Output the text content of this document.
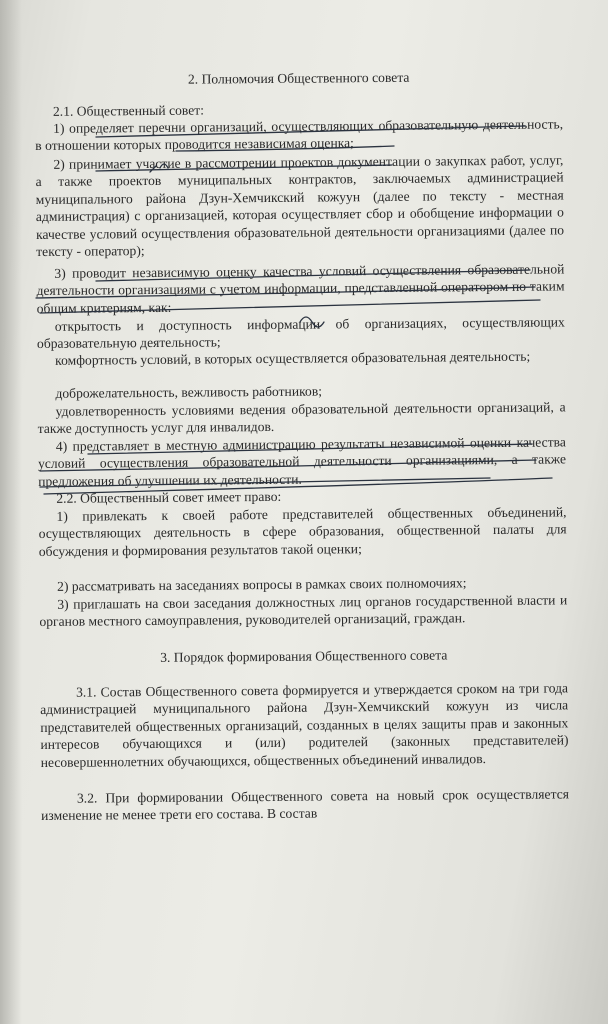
2. Полномочия Общественного совета

2.1. Общественный совет:

1) определяет перечни организаций, осуществляющих образовательную деятельность, в отношении которых проводится независимая оценка;

2) принимает участие в рассмотрении проектов документации о закупках работ, услуг, а также проектов муниципальных контрактов, заключаемых администрацией муниципального района Дзун-Хемчикский кожуун (далее по тексту - местная администрация) с организацией, которая осуществляет сбор и обобщение информации о качестве условий осуществления образовательной деятельности организациями (далее по тексту - оператор);

3) проводит независимую оценку качества условий осуществления образовательной деятельности организациями с учетом информации, представленной оператором по таким общим критериям, как:

открытость и доступность информации об организациях, осуществляющих образовательную деятельность;

комфортность условий, в которых осуществляется образовательная деятельность;

доброжелательность, вежливость работников;

удовлетворенность условиями ведения образовательной деятельности организаций, а также доступность услуг для инвалидов.

4) представляет в местную администрацию результаты независимой оценки качества условий осуществления образовательной деятельности организациями, а также предложения об улучшении их деятельности.

2.2. Общественный совет имеет право:

1) привлекать к своей работе представителей общественных объединений, осуществляющих деятельность в сфере образования, общественной палаты для обсуждения и формирования результатов такой оценки;

2) рассматривать на заседаниях вопросы в рамках своих полномочиях;

3) приглашать на свои заседания должностных лиц органов государственной власти и органов местного самоуправления, руководителей организаций, граждан.

3. Порядок формирования Общественного совета

3.1. Состав Общественного совета формируется и утверждается сроком на три года администрацией муниципального района Дзун-Хемчикский кожуун из числа представителей общественных организаций, созданных в целях защиты прав и законных интересов обучающихся и (или) родителей (законных представителей) несовершеннолетних обучающихся, общественных объединений инвалидов.

3.2. При формировании Общественного совета на новый срок осуществляется изменение не менее трети его состава. В состав
